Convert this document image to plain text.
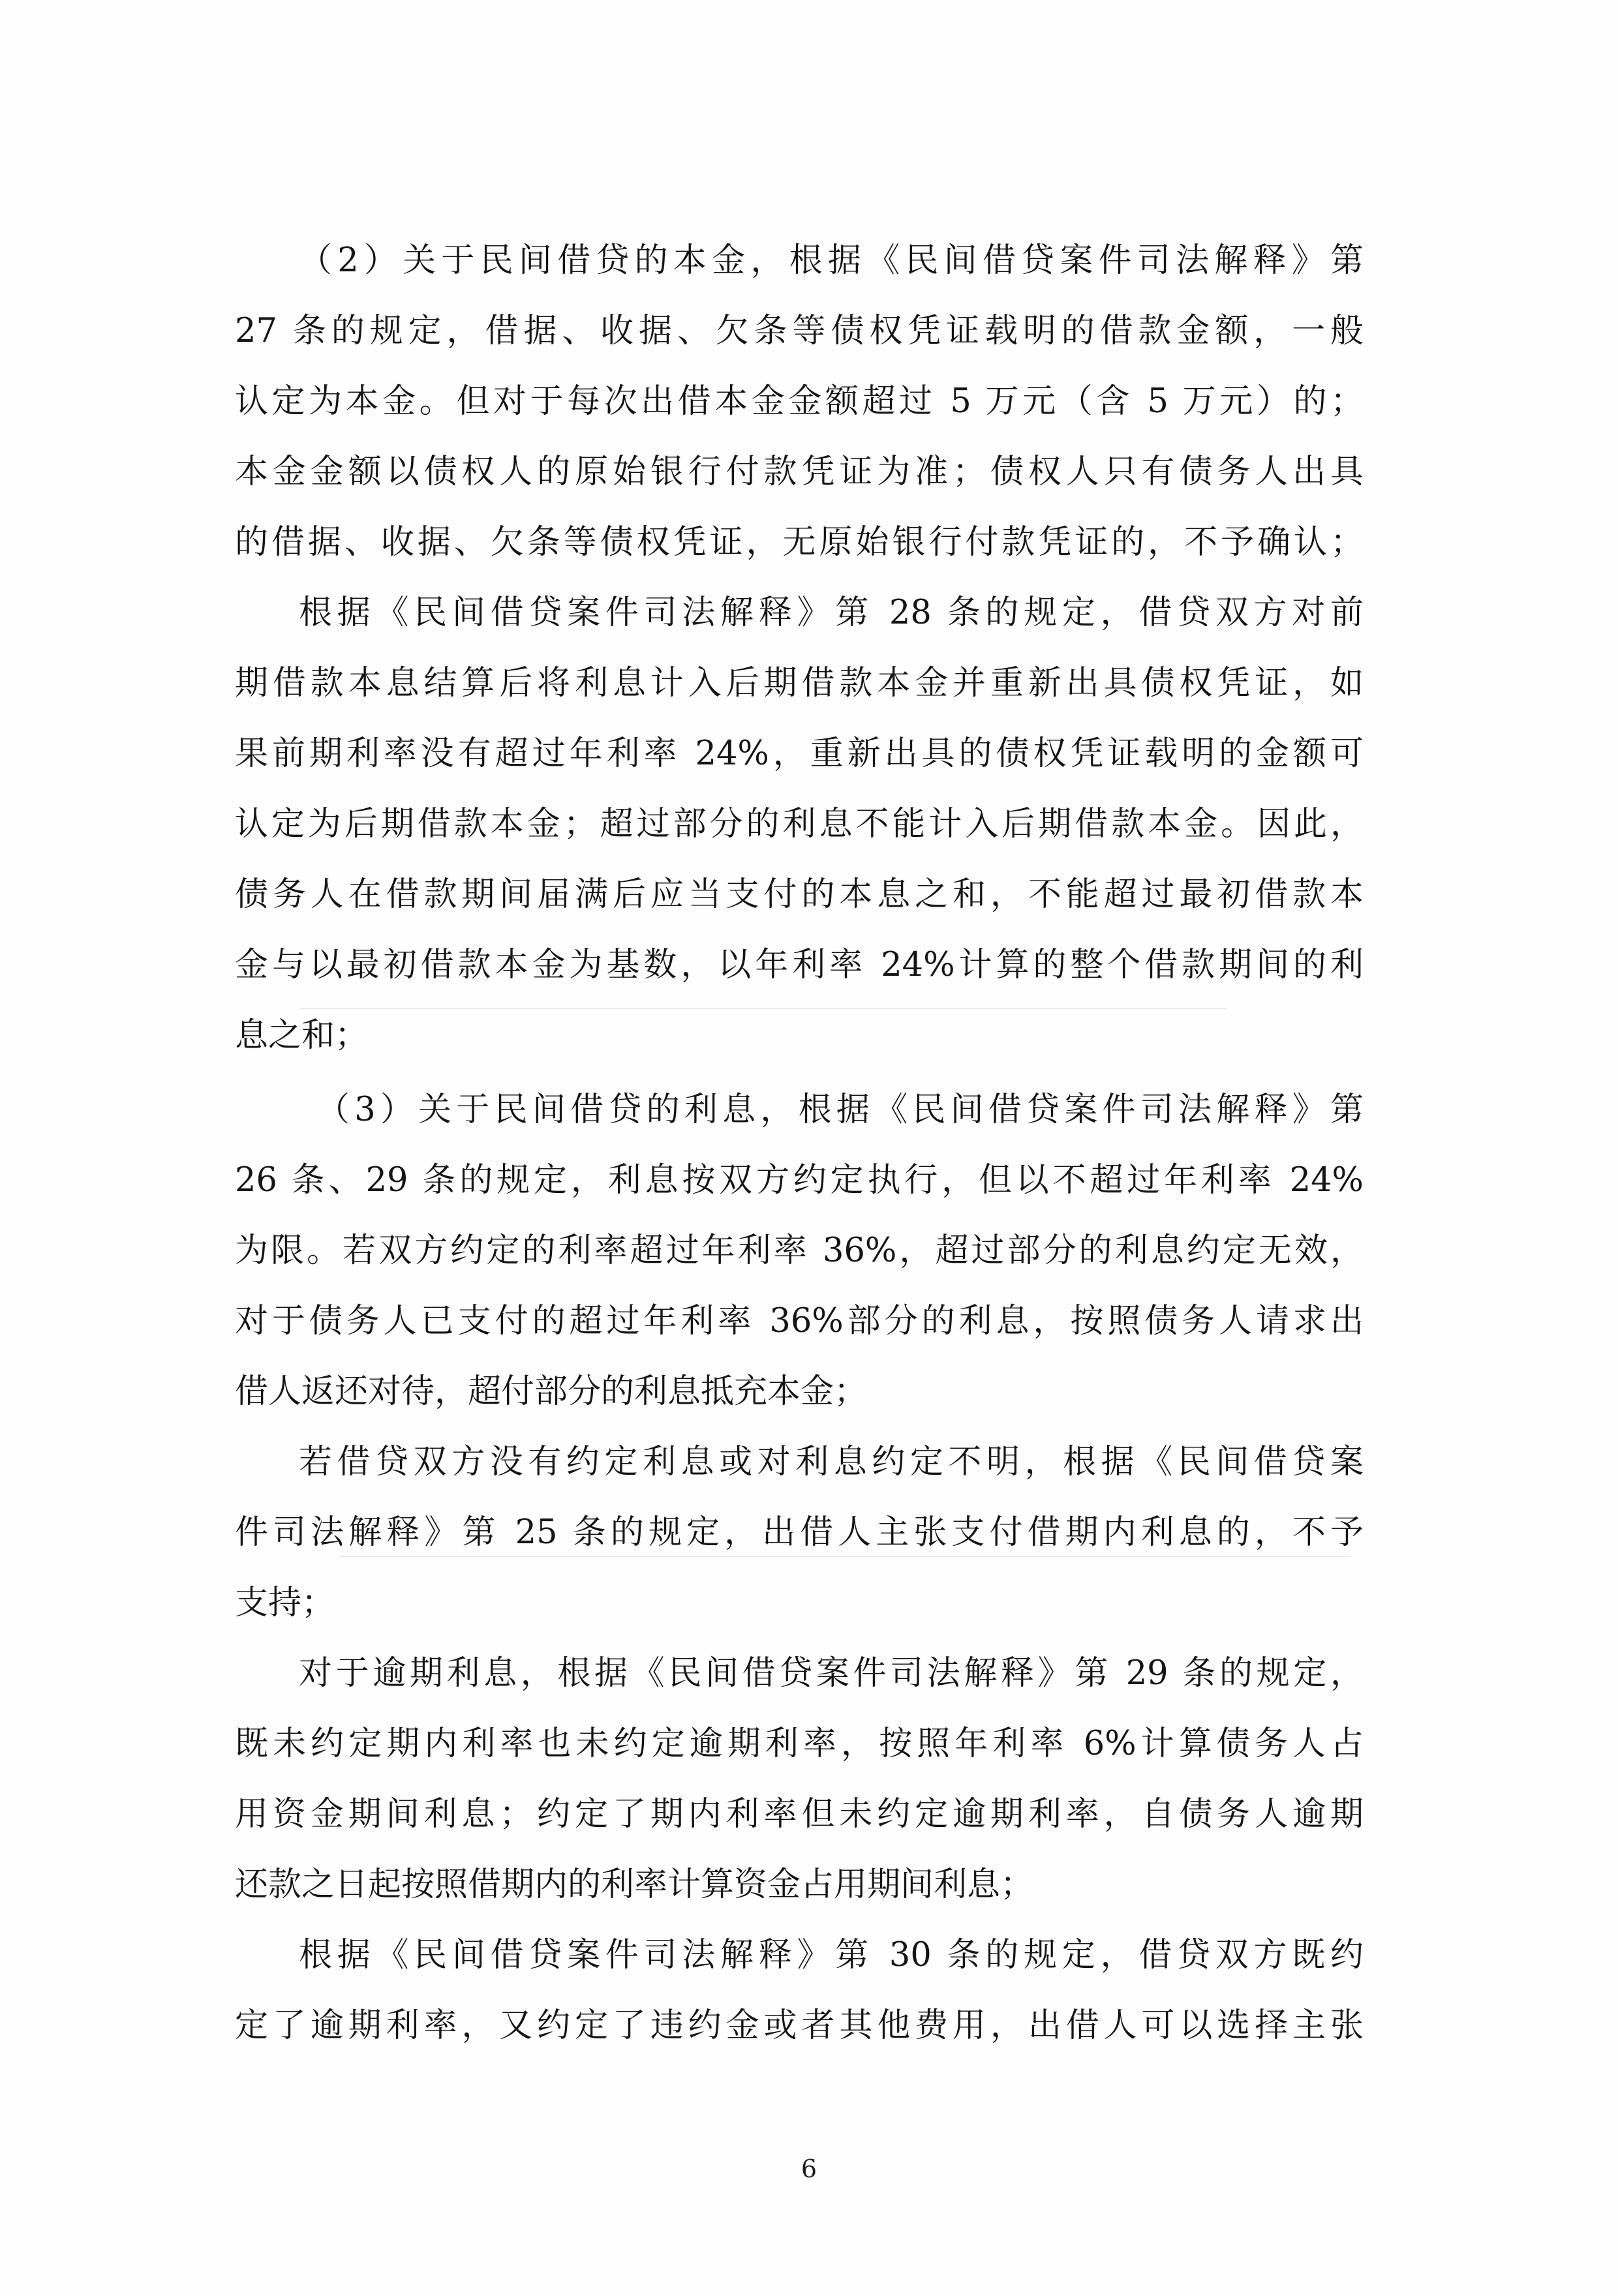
（2）关于民间借贷的本金，根据《民间借贷案件司法解释》第
27 条的规定，借据、收据、欠条等债权凭证载明的借款金额，一般
认定为本金。但对于每次出借本金金额超过 5 万元（含 5 万元）的；
本金金额以债权人的原始银行付款凭证为准；债权人只有债务人出具
的借据、收据、欠条等债权凭证，无原始银行付款凭证的，不予确认；
根据《民间借贷案件司法解释》第 28 条的规定，借贷双方对前
期借款本息结算后将利息计入后期借款本金并重新出具债权凭证，如
果前期利率没有超过年利率 24%，重新出具的债权凭证载明的金额可
认定为后期借款本金；超过部分的利息不能计入后期借款本金。因此，
债务人在借款期间届满后应当支付的本息之和，不能超过最初借款本
金与以最初借款本金为基数，以年利率 24%计算的整个借款期间的利
息之和；
（3）关于民间借贷的利息，根据《民间借贷案件司法解释》第
26 条、29 条的规定，利息按双方约定执行，但以不超过年利率 24%
为限。若双方约定的利率超过年利率 36%，超过部分的利息约定无效，
对于债务人已支付的超过年利率 36%部分的利息，按照债务人请求出
借人返还对待，超付部分的利息抵充本金；
若借贷双方没有约定利息或对利息约定不明，根据《民间借贷案
件司法解释》第 25 条的规定，出借人主张支付借期内利息的，不予
支持；
对于逾期利息，根据《民间借贷案件司法解释》第 29 条的规定，
既未约定期内利率也未约定逾期利率，按照年利率 6%计算债务人占
用资金期间利息；约定了期内利率但未约定逾期利率，自债务人逾期
还款之日起按照借期内的利率计算资金占用期间利息；
根据《民间借贷案件司法解释》第 30 条的规定，借贷双方既约
定了逾期利率，又约定了违约金或者其他费用，出借人可以选择主张
6
